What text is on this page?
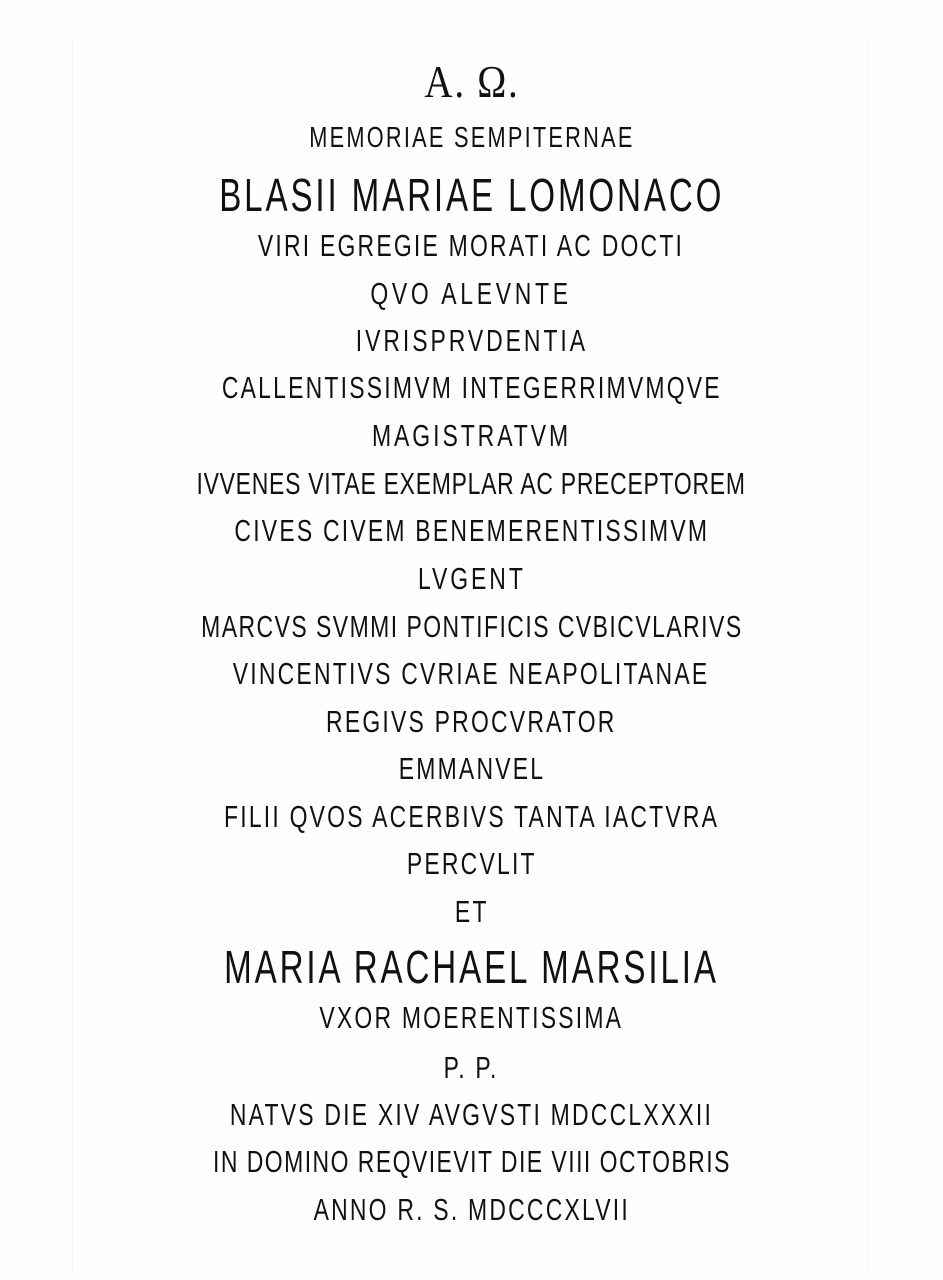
A. Ω.
MEMORIAE SEMPITERNAE
BLASII MARIAE LOMONACO
VIRI EGREGIE MORATI AC DOCTI
QVO ALEVNTE
IVRISPRVDENTIA
CALLENTISSIMVM INTEGERRIMVMQVE
MAGISTRATVM
IVVENES VITAE EXEMPLAR AC PRECEPTOREM
CIVES CIVEM BENEMERENTISSIMVM
LVGENT
MARCVS SVMMI PONTIFICIS CVBICVLARIVS
VINCENTIVS CVRIAE NEAPOLITANAE
REGIVS PROCVRATOR
EMMANVEL
FILII QVOS ACERBIVS TANTA IACTVRA
PERCVLIT
ET
MARIA RACHAEL MARSILIA
VXOR MOERENTISSIMA
P. P.
NATVS DIE XIV AVGVSTI MDCCLXXXII
IN DOMINO REQVIEVIT DIE VIII OCTOBRIS
ANNO R. S. MDCCCXLVII
